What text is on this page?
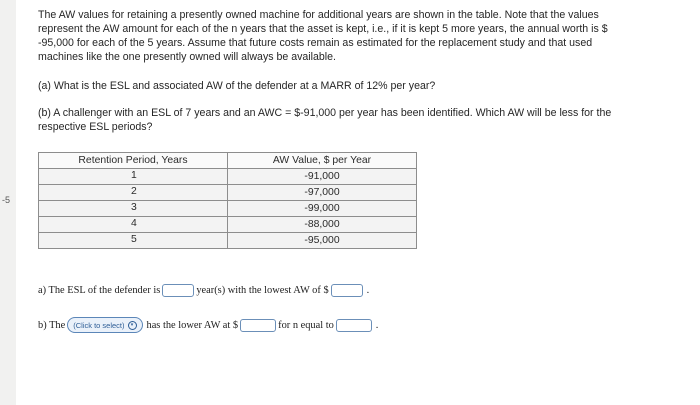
-5

The AW values for retaining a presently owned machine for additional years are shown in the table. Note that the values

represent the AW amount for each of the n years that the asset is kept, i.e., if it is kept 5 more years, the annual worth is $

-95,000 for each of the 5 years. Assume that future costs remain as estimated for the replacement study and that used

machines like the one presently owned will always be available.

(a) What is the ESL and associated AW of the defender at a MARR of 12% per year?
(b) A challenger with an ESL of 7 years and an AWC = $-91,000 per year has been identified. Which AW will be less for the
respective ESL periods?
Retention Period, Years	AW Value, $ per Year

1	-91,000

2	-97,000

3	-99,000

4	-88,000

5	-95,000
a) The ESL of the defender is	year(s) with the lowest AW of $	.
b) The (Click to select)	▾	has the lower AW at $	for n equal to	.
